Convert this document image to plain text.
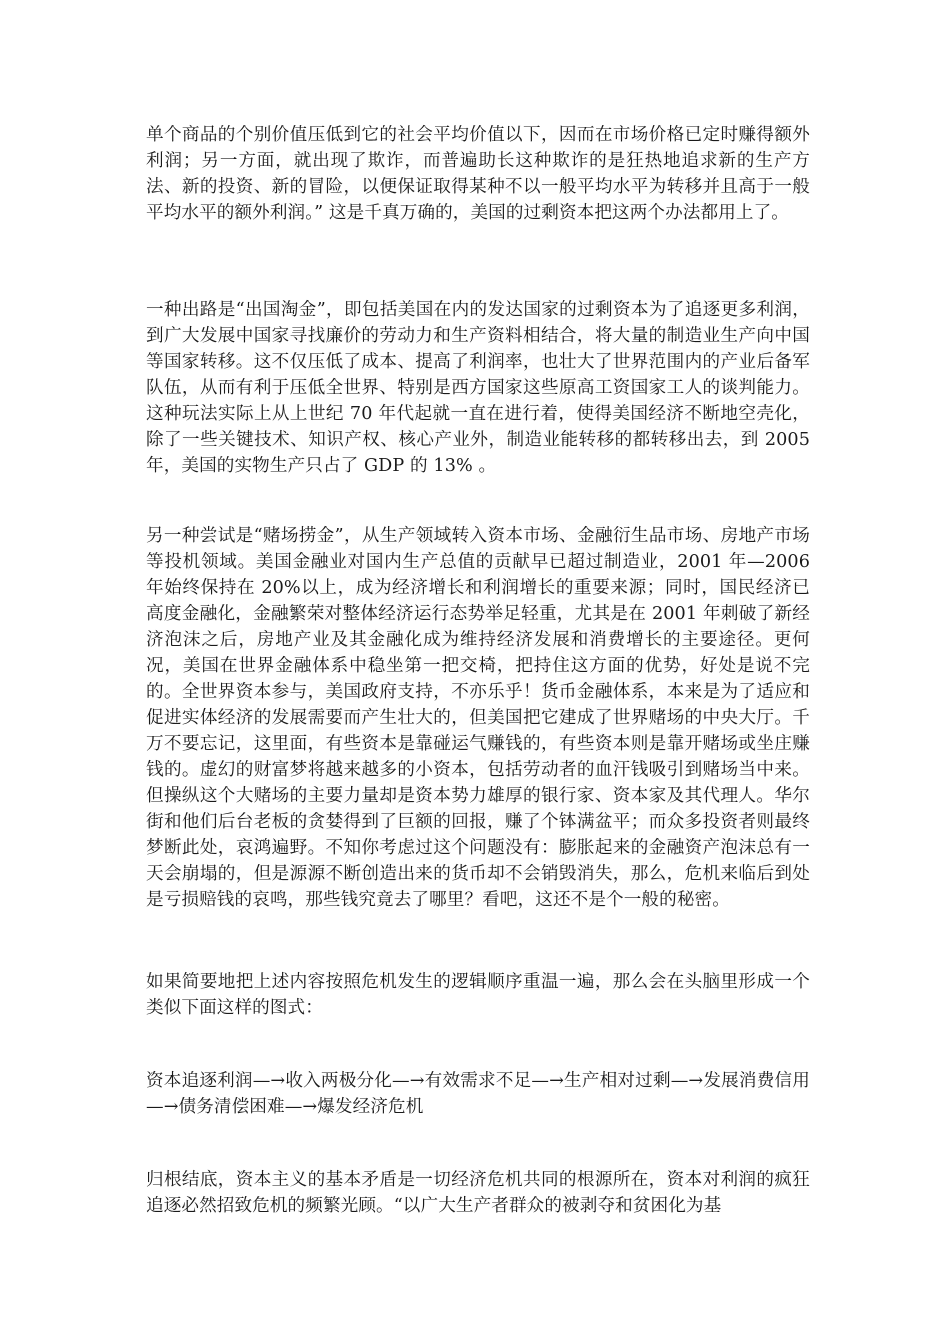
单个商品的个别价值压低到它的社会平均价值以下，因而在市场价格已定时赚得额外利润；另一方面，就出现了欺诈，而普遍助长这种欺诈的是狂热地追求新的生产方法、新的投资、新的冒险，以便保证取得某种不以一般平均水平为转移并且高于一般平均水平的额外利润。” 这是千真万确的，美国的过剩资本把这两个办法都用上了。

一种出路是“出国淘金”，即包括美国在内的发达国家的过剩资本为了追逐更多利润，到广大发展中国家寻找廉价的劳动力和生产资料相结合，将大量的制造业生产向中国等国家转移。这不仅压低了成本、提高了利润率，也壮大了世界范围内的产业后备军队伍，从而有利于压低全世界、特别是西方国家这些原高工资国家工人的谈判能力。这种玩法实际上从上世纪 70 年代起就一直在进行着，使得美国经济不断地空壳化，除了一些关键技术、知识产权、核心产业外，制造业能转移的都转移出去，到 2005 年，美国的实物生产只占了 GDP 的 13% 。

另一种尝试是“赌场捞金”，从生产领域转入资本市场、金融衍生品市场、房地产市场等投机领域。美国金融业对国内生产总值的贡献早已超过制造业，2001 年—2006 年始终保持在 20%以上，成为经济增长和利润增长的重要来源；同时，国民经济已高度金融化，金融繁荣对整体经济运行态势举足轻重，尤其是在 2001 年刺破了新经济泡沫之后，房地产业及其金融化成为维持经济发展和消费增长的主要途径。更何况，美国在世界金融体系中稳坐第一把交椅，把持住这方面的优势，好处是说不完的。全世界资本参与，美国政府支持，不亦乐乎！货币金融体系，本来是为了适应和促进实体经济的发展需要而产生壮大的，但美国把它建成了世界赌场的中央大厅。千万不要忘记，这里面，有些资本是靠碰运气赚钱的，有些资本则是靠开赌场或坐庄赚钱的。虚幻的财富梦将越来越多的小资本，包括劳动者的血汗钱吸引到赌场当中来。但操纵这个大赌场的主要力量却是资本势力雄厚的银行家、资本家及其代理人。华尔街和他们后台老板的贪婪得到了巨额的回报，赚了个钵满盆平；而众多投资者则最终梦断此处，哀鸿遍野。不知你考虑过这个问题没有：膨胀起来的金融资产泡沫总有一天会崩塌的，但是源源不断创造出来的货币却不会销毁消失，那么，危机来临后到处是亏损赔钱的哀鸣，那些钱究竟去了哪里？看吧，这还不是个一般的秘密。

如果简要地把上述内容按照危机发生的逻辑顺序重温一遍，那么会在头脑里形成一个类似下面这样的图式：

资本追逐利润—→收入两极分化—→有效需求不足—→生产相对过剩—→发展消费信用—→债务清偿困难—→爆发经济危机

归根结底，资本主义的基本矛盾是一切经济危机共同的根源所在，资本对利润的疯狂追逐必然招致危机的频繁光顾。“以广大生产者群众的被剥夺和贫困化为基
